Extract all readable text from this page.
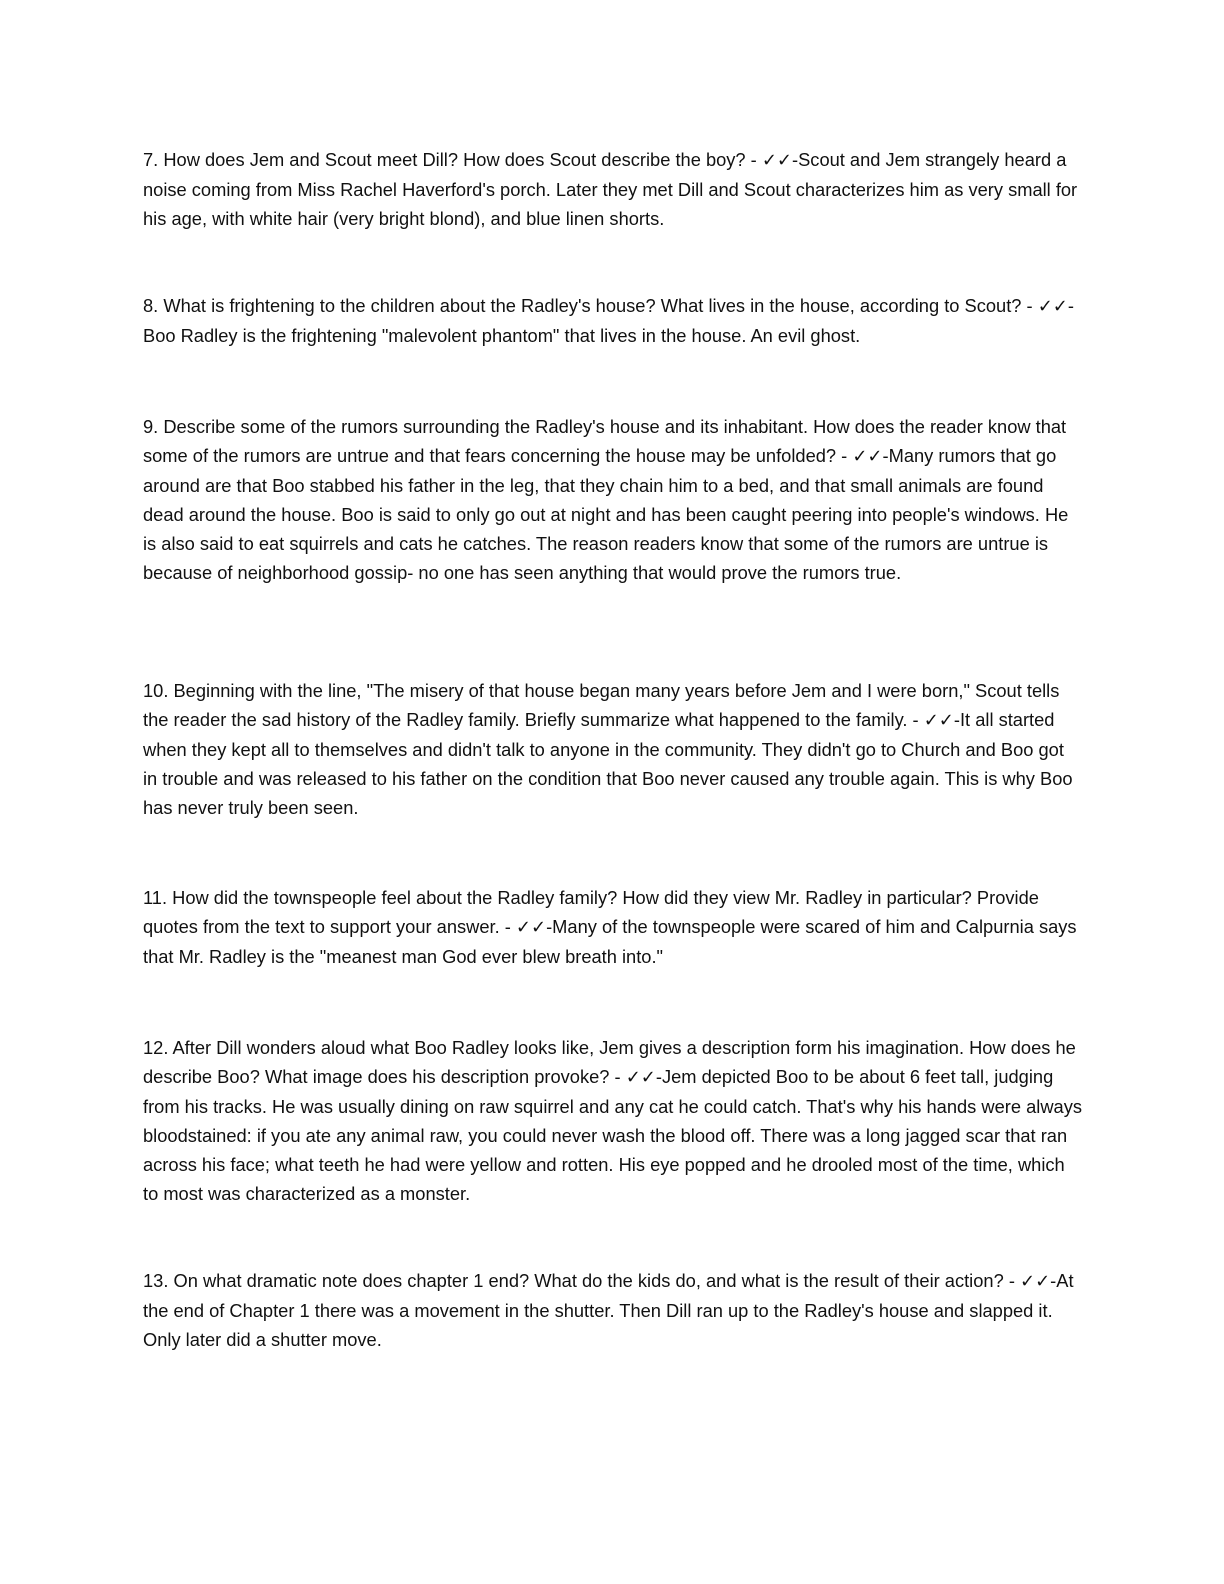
7. How does Jem and Scout meet Dill? How does Scout describe the boy? - ✓✓-Scout and Jem strangely heard a noise coming from Miss Rachel Haverford's porch. Later they met Dill and Scout characterizes him as very small for his age, with white hair (very bright blond), and blue linen shorts.

8. What is frightening to the children about the Radley's house? What lives in the house, according to Scout? - ✓✓-Boo Radley is the frightening "malevolent phantom" that lives in the house. An evil ghost.

9. Describe some of the rumors surrounding the Radley's house and its inhabitant. How does the reader know that some of the rumors are untrue and that fears concerning the house may be unfolded? - ✓✓-Many rumors that go around are that Boo stabbed his father in the leg, that they chain him to a bed, and that small animals are found dead around the house. Boo is said to only go out at night and has been caught peering into people's windows. He is also said to eat squirrels and cats he catches. The reason readers know that some of the rumors are untrue is because of neighborhood gossip- no one has seen anything that would prove the rumors true.

10. Beginning with the line, "The misery of that house began many years before Jem and I were born," Scout tells the reader the sad history of the Radley family. Briefly summarize what happened to the family. - ✓✓-It all started when they kept all to themselves and didn't talk to anyone in the community. They didn't go to Church and Boo got in trouble and was released to his father on the condition that Boo never caused any trouble again. This is why Boo has never truly been seen.

11. How did the townspeople feel about the Radley family? How did they view Mr. Radley in particular? Provide quotes from the text to support your answer. - ✓✓-Many of the townspeople were scared of him and Calpurnia says that Mr. Radley is the "meanest man God ever blew breath into."

12. After Dill wonders aloud what Boo Radley looks like, Jem gives a description form his imagination. How does he describe Boo? What image does his description provoke? - ✓✓-Jem depicted Boo to be about 6 feet tall, judging from his tracks. He was usually dining on raw squirrel and any cat he could catch. That's why his hands were always bloodstained: if you ate any animal raw, you could never wash the blood off. There was a long jagged scar that ran across his face; what teeth he had were yellow and rotten. His eye popped and he drooled most of the time, which to most was characterized as a monster.

13. On what dramatic note does chapter 1 end? What do the kids do, and what is the result of their action? - ✓✓-At the end of Chapter 1 there was a movement in the shutter. Then Dill ran up to the Radley's house and slapped it. Only later did a shutter move.
